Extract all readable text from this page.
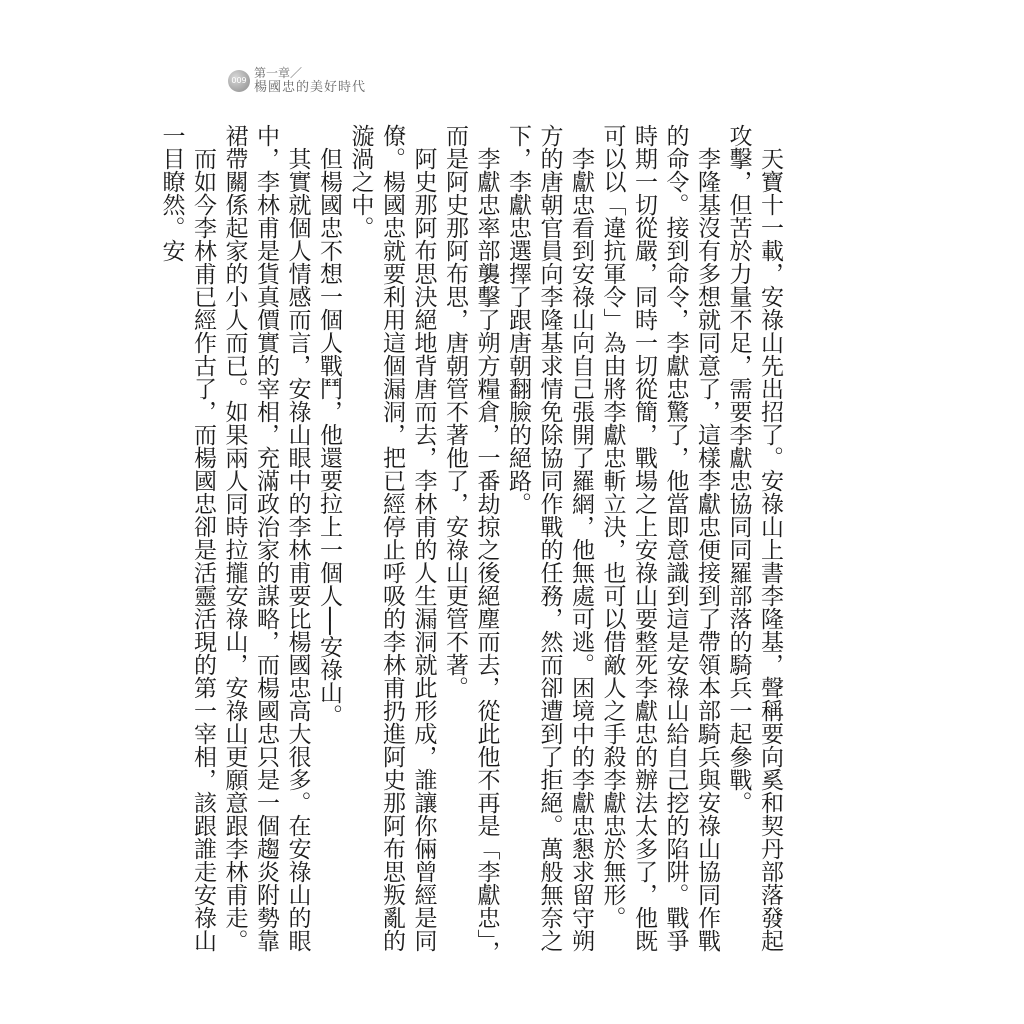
009
第一章／
楊國忠的美好時代

天寶十一載，安祿山先出招了。安祿山上書李隆基，聲稱要向奚和契丹部落發起攻擊，但苦於力量不足，需要李獻忠協同同羅部落的騎兵一起參戰。

李隆基沒有多想就同意了，這樣李獻忠便接到了帶領本部騎兵與安祿山協同作戰的命令。接到命令，李獻忠驚了，他當即意識到這是安祿山給自己挖的陷阱。戰爭時期一切從嚴，同時一切從簡，戰場之上安祿山要整死李獻忠的辦法太多了，他既可以以「違抗軍令」為由將李獻忠斬立決，也可以借敵人之手殺李獻忠於無形。

李獻忠看到安祿山向自己張開了羅網，他無處可逃。困境中的李獻忠懇求留守朔方的唐朝官員向李隆基求情免除協同作戰的任務，然而卻遭到了拒絕。萬般無奈之下，李獻忠選擇了跟唐朝翻臉的絕路。

李獻忠率部襲擊了朔方糧倉，一番劫掠之後絕塵而去，從此他不再是「李獻忠」，而是阿史那阿布思，唐朝管不著他了，安祿山更管不著。

阿史那阿布思決絕地背唐而去，李林甫的人生漏洞就此形成，誰讓你倆曾經是同僚。楊國忠就要利用這個漏洞，把已經停止呼吸的李林甫扔進阿史那阿布思叛亂的漩渦之中。

但楊國忠不想一個人戰鬥，他還要拉上一個人──安祿山。

其實就個人情感而言，安祿山眼中的李林甫要比楊國忠高大很多。在安祿山的眼中，李林甫是貨真價實的宰相，充滿政治家的謀略，而楊國忠只是一個趨炎附勢靠裙帶關係起家的小人而已。如果兩人同時拉攏安祿山，安祿山更願意跟李林甫走。

而如今李林甫已經作古了，而楊國忠卻是活靈活現的第一宰相，該跟誰走安祿山一目瞭然。安
